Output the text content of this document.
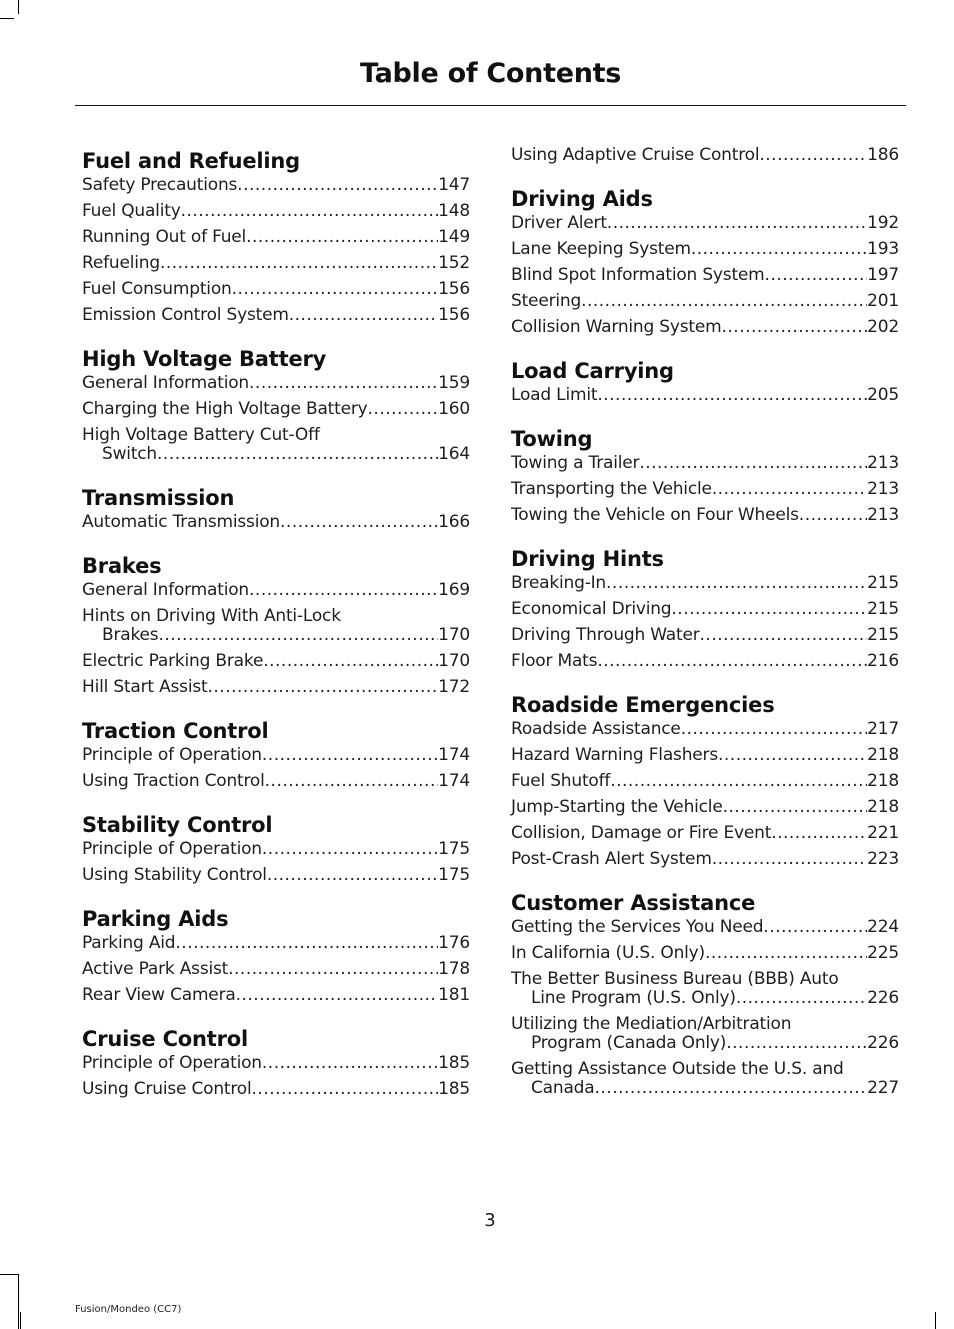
Table of Contents
Fuel and Refueling
Safety Precautions .....	147
Fuel Quality .....	148
Running Out of Fuel .....	149
Refueling .....	152
Fuel Consumption .....	156
Emission Control System .....	156
High Voltage Battery
General Information .....	159
Charging the High Voltage Battery .....	160
High Voltage Battery Cut-Off
Switch .....	164
Transmission
Automatic Transmission .....	166
Brakes
General Information .....	169
Hints on Driving With Anti-Lock
Brakes .....	170
Electric Parking Brake .....	170
Hill Start Assist .....	172
Traction Control
Principle of Operation .....	174
Using Traction Control .....	174
Stability Control
Principle of Operation .....	175
Using Stability Control .....	175
Parking Aids
Parking Aid .....	176
Active Park Assist .....	178
Rear View Camera .....	181
Cruise Control
Principle of Operation .....	185
Using Cruise Control .....	185
Using Adaptive Cruise Control .....	186
Driving Aids
Driver Alert .....	192
Lane Keeping System .....	193
Blind Spot Information System .....	197
Steering .....	201
Collision Warning System .....	202
Load Carrying
Load Limit .....	205
Towing
Towing a Trailer .....	213
Transporting the Vehicle .....	213
Towing the Vehicle on Four Wheels .....	213
Driving Hints
Breaking-In .....	215
Economical Driving .....	215
Driving Through Water .....	215
Floor Mats .....	216
Roadside Emergencies
Roadside Assistance .....	217
Hazard Warning Flashers .....	218
Fuel Shutoff .....	218
Jump-Starting the Vehicle .....	218
Collision, Damage or Fire Event .....	221
Post-Crash Alert System .....	223
Customer Assistance
Getting the Services You Need .....	224
In California (U.S. Only) .....	225
The Better Business Bureau (BBB) Auto
Line Program (U.S. Only) .....	226
Utilizing the Mediation/Arbitration
Program (Canada Only) .....	226
Getting Assistance Outside the U.S. and
Canada .....	227
3
Fusion/Mondeo (CC7)
